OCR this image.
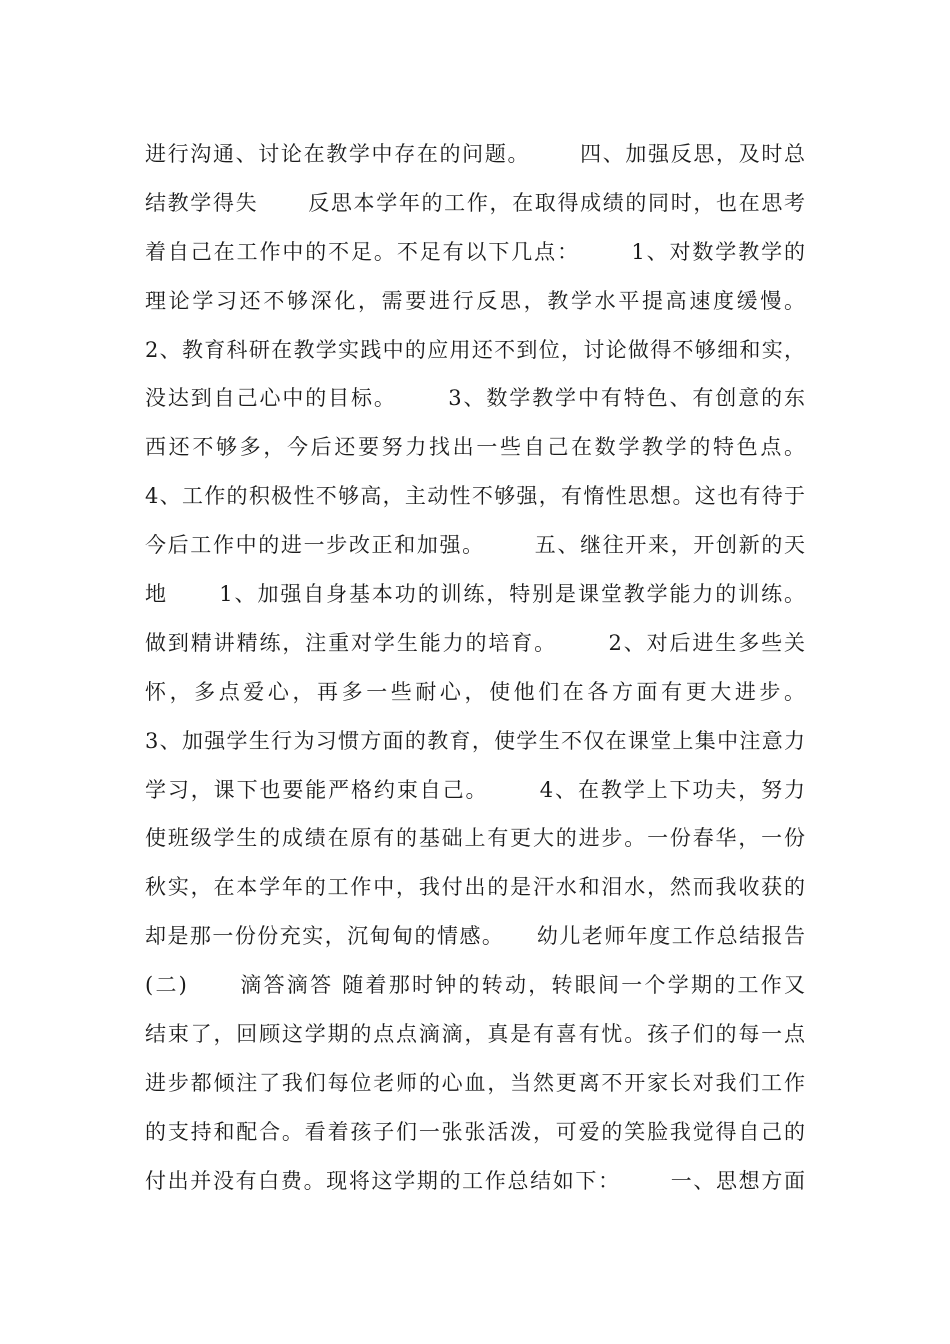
进行沟通、讨论在教学中存在的问题。      四、加强反思，及时总
结教学得失      反思本学年的工作，在取得成绩的同时，也在思考
着自己在工作中的不足。不足有以下几点：      1、对数学教学的
理论学习还不够深化，需要进行反思，教学水平提高速度缓慢。
2、教育科研在教学实践中的应用还不到位，讨论做得不够细和实，
没达到自己心中的目标。      3、数学教学中有特色、有创意的东
西还不够多，今后还要努力找出一些自己在数学教学的特色点。
4、工作的积极性不够高，主动性不够强，有惰性思想。这也有待于
今后工作中的进一步改正和加强。      五、继往开来，开创新的天
地      1、加强自身基本功的训练，特别是课堂教学能力的训练。
做到精讲精练，注重对学生能力的培育。      2、对后进生多些关
怀，多点爱心，再多一些耐心，使他们在各方面有更大进步。
3、加强学生行为习惯方面的教育，使学生不仅在课堂上集中注意力
学习，课下也要能严格约束自己。      4、在教学上下功夫，努力
使班级学生的成绩在原有的基础上有更大的进步。一份春华，一份
秋实，在本学年的工作中，我付出的是汗水和泪水，然而我收获的
却是那一份份充实，沉甸甸的情感。    幼儿老师年度工作总结报告
(二)      滴答滴答 随着那时钟的转动，转眼间一个学期的工作又
结束了，回顾这学期的点点滴滴，真是有喜有忧。孩子们的每一点
进步都倾注了我们每位老师的心血，当然更离不开家长对我们工作
的支持和配合。看着孩子们一张张活泼，可爱的笑脸我觉得自己的
付出并没有白费。现将这学期的工作总结如下：      一、思想方面
